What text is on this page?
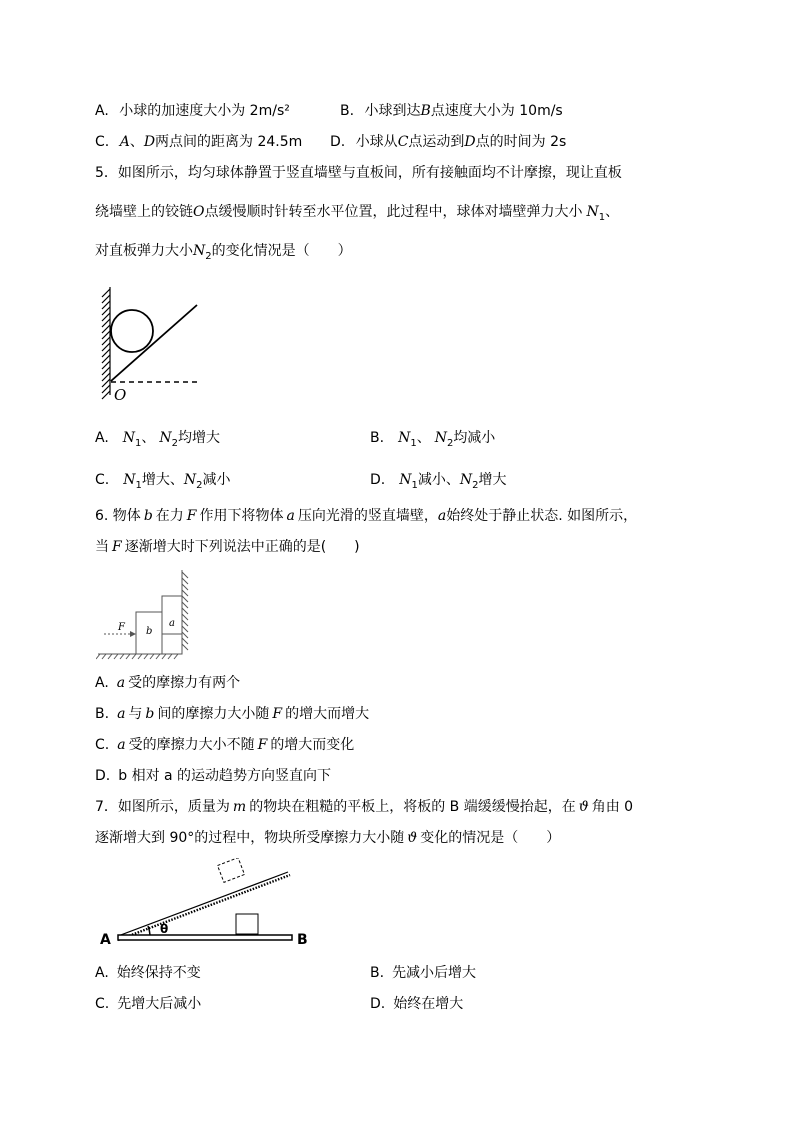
A. 小球的加速度大小为 2m/s²	B. 小球到达B点速度大小为 10m/s
C. A、D两点间的距离为 24.5m D. 小球从C点运动到D点的时间为 2s
5．如图所示，均匀球体静置于竖直墙壁与直板间，所有接触面均不计摩擦，现让直板
绕墙壁上的铰链O点缓慢顺时针转至水平位置，此过程中，球体对墙壁弹力大小 $N_1$、
对直板弹力大小$N_2$的变化情况是（　　）
O
A. $N_1$、 $N_2$均增大	B. $N_1$、 $N_2$均减小
C. $N_1$增大、$N_2$减小	D. $N_1$减小、$N_2$增大
6. 物体 b 在力 F 作用下将物体 a 压向光滑的竖直墙壁，a始终处于静止状态. 如图所示，
当 F 逐渐增大时下列说法中正确的是(　　)
F b
a
A. a 受的摩擦力有两个
B. a 与 b 间的摩擦力大小随 F 的增大而增大
C. a 受的摩擦力大小不随 F 的增大而变化
D. b 相对 a 的运动趋势方向竖直向下
7．如图所示，质量为 m 的物块在粗糙的平板上，将板的 B 端缓缓慢抬起，在 ϑ 角由 0
逐渐增大到 90°的过程中，物块所受摩擦力大小随 ϑ 变化的情况是（　　）
A	B
θ
A. 始终保持不变	B. 先减小后增大
C. 先增大后减小	D. 始终在增大
